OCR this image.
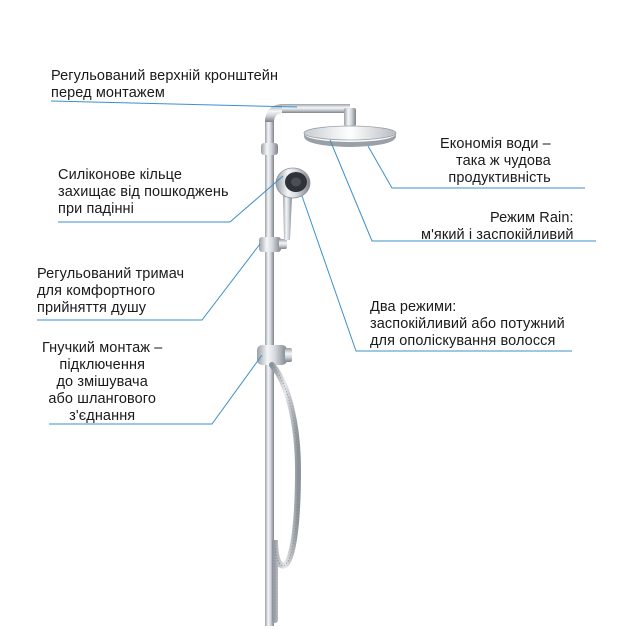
Регульований верхній кронштейн
перед монтажем
Силіконове кільце
захищає від пошкоджень
при падінні
Регульований тримач
для комфортного
прийняття душу
Гнучкий монтаж –
підключення
до змішувача
або шлангового
з'єднання
Економія води –
така ж чудова
продуктивність
Режим Rain:
м'який і заспокійливий
Два режими:
заспокійливий або потужний
для ополіскування волосся
